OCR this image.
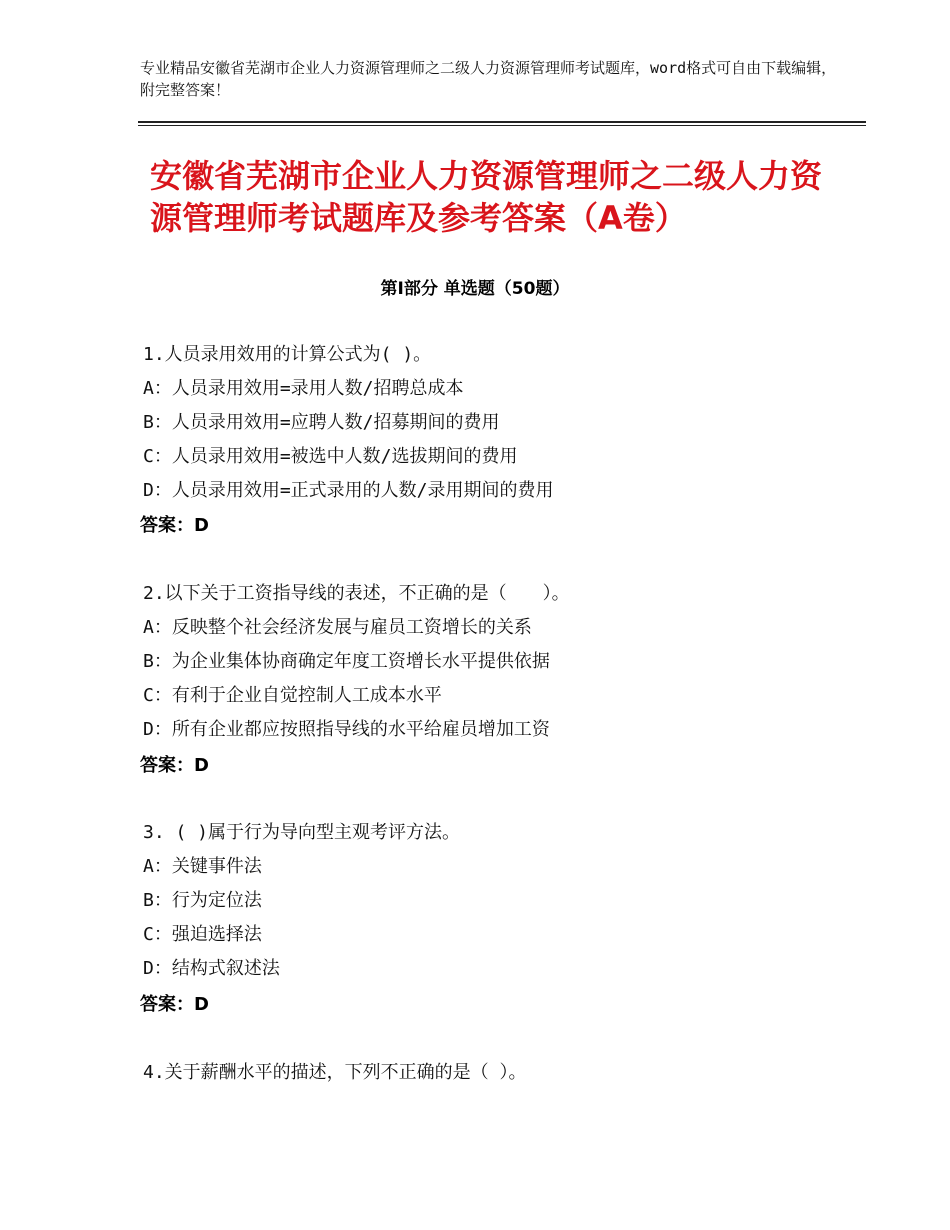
专业精品安徽省芜湖市企业人力资源管理师之二级人力资源管理师考试题库，word格式可自由下载编辑，附完整答案！
安徽省芜湖市企业人力资源管理师之二级人力资源管理师考试题库及参考答案（A卷）
第Ⅰ部分 单选题（50题）
1.人员录用效用的计算公式为( )。
A：人员录用效用=录用人数/招聘总成本
B：人员录用效用=应聘人数/招募期间的费用
C：人员录用效用=被选中人数/选拔期间的费用
D：人员录用效用=正式录用的人数/录用期间的费用
答案：D
2.以下关于工资指导线的表述，不正确的是（　　）。
A：反映整个社会经济发展与雇员工资增长的关系
B：为企业集体协商确定年度工资增长水平提供依据
C：有利于企业自觉控制人工成本水平
D：所有企业都应按照指导线的水平给雇员增加工资
答案：D
3. ( )属于行为导向型主观考评方法。
A：关键事件法
B：行为定位法
C：强迫选择法
D：结构式叙述法
答案：D
4.关于薪酬水平的描述，下列不正确的是（ ）。
